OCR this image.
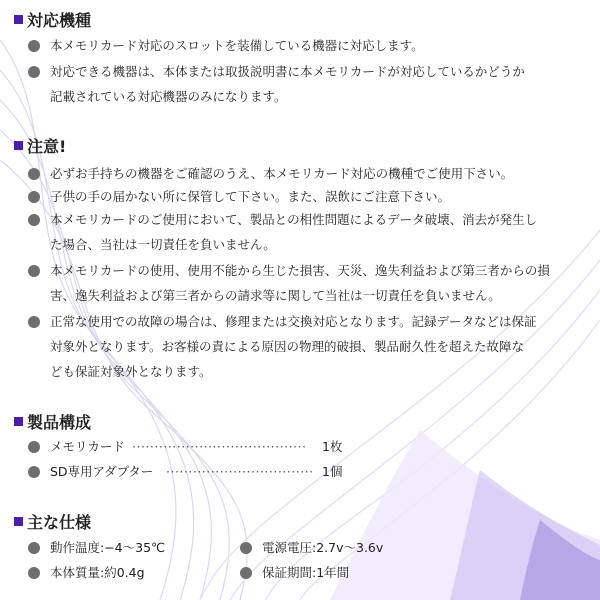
対応機種
本メモリカード対応のスロットを装備している機器に対応します。
対応できる機器は、本体または取扱説明書に本メモリカードが対応しているかどうか
記載されている対応機器のみになります。
注意!
必ずお手持ちの機器をご確認のうえ、本メモリカード対応の機種でご使用下さい。
子供の手の届かない所に保管して下さい。また、誤飲にご注意下さい。
本メモリカードのご使用において、製品との相性問題によるデータ破壊、消去が発生し
た場合、当社は一切責任を負いません。
本メモリカードの使用、使用不能から生じた損害、天災、逸失利益および第三者からの損
害、逸失利益および第三者からの請求等に関して当社は一切責任を負いません。
正常な使用での故障の場合は、修理または交換対応となります。記録データなどは保証
対象外となります。お客様の責による原因の物理的破損、製品耐久性を超えた故障な
ども保証対象外となります。
製品構成
メモリカード ······································· 1枚
SD専用アダプター ································· 1個
主な仕様
動作温度:−4～35℃	電源電圧:2.7v～3.6v
本体質量:約0.4g	保証期間:1年間
